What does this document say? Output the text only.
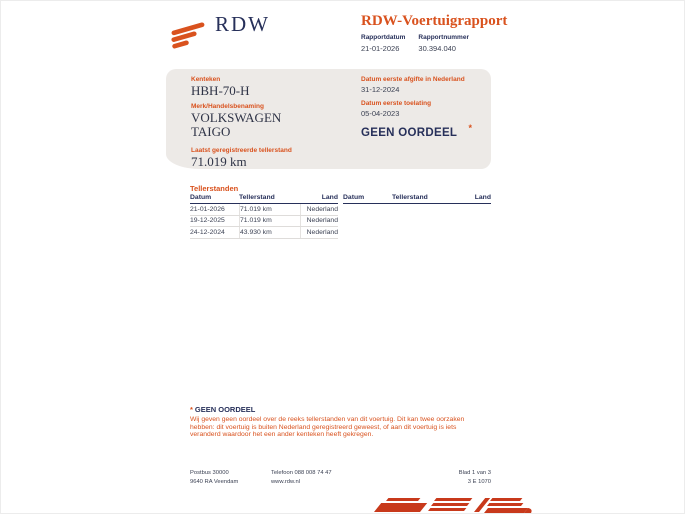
RDW	RDW-Voertuigrapport
Rapportdatum
21-01-2026
Rapportnummer
30.394.040
Kenteken
HBH-70-H
Merk/Handelsbenaming
VOLKSWAGEN
TAIGO
Laatst geregistreerde tellerstand
71.019 km
Datum eerste afgifte in Nederland
31-12-2024
Datum eerste toelating
05-04-2023
GEEN OORDEEL	*
Tellerstanden
Datum	Tellerstand	Land
21-01-2026	71.019 km	Nederland
19-12-2025	71.019 km	Nederland
24-12-2024	43.930 km	Nederland
Datum	Tellerstand	Land
* GEEN OORDEEL
Wij geven geen oordeel over de reeks tellerstanden van dit voertuig. Dit kan twee oorzaken hebben: dit voertuig is buiten Nederland geregistreerd geweest, of aan dit voertuig is iets veranderd waardoor het een ander kenteken heeft gekregen.
Postbus 30000
9640 RA Veendam
Telefoon 088 008 74 47
www.rdw.nl
Blad 1 van 3
3 E 1070
